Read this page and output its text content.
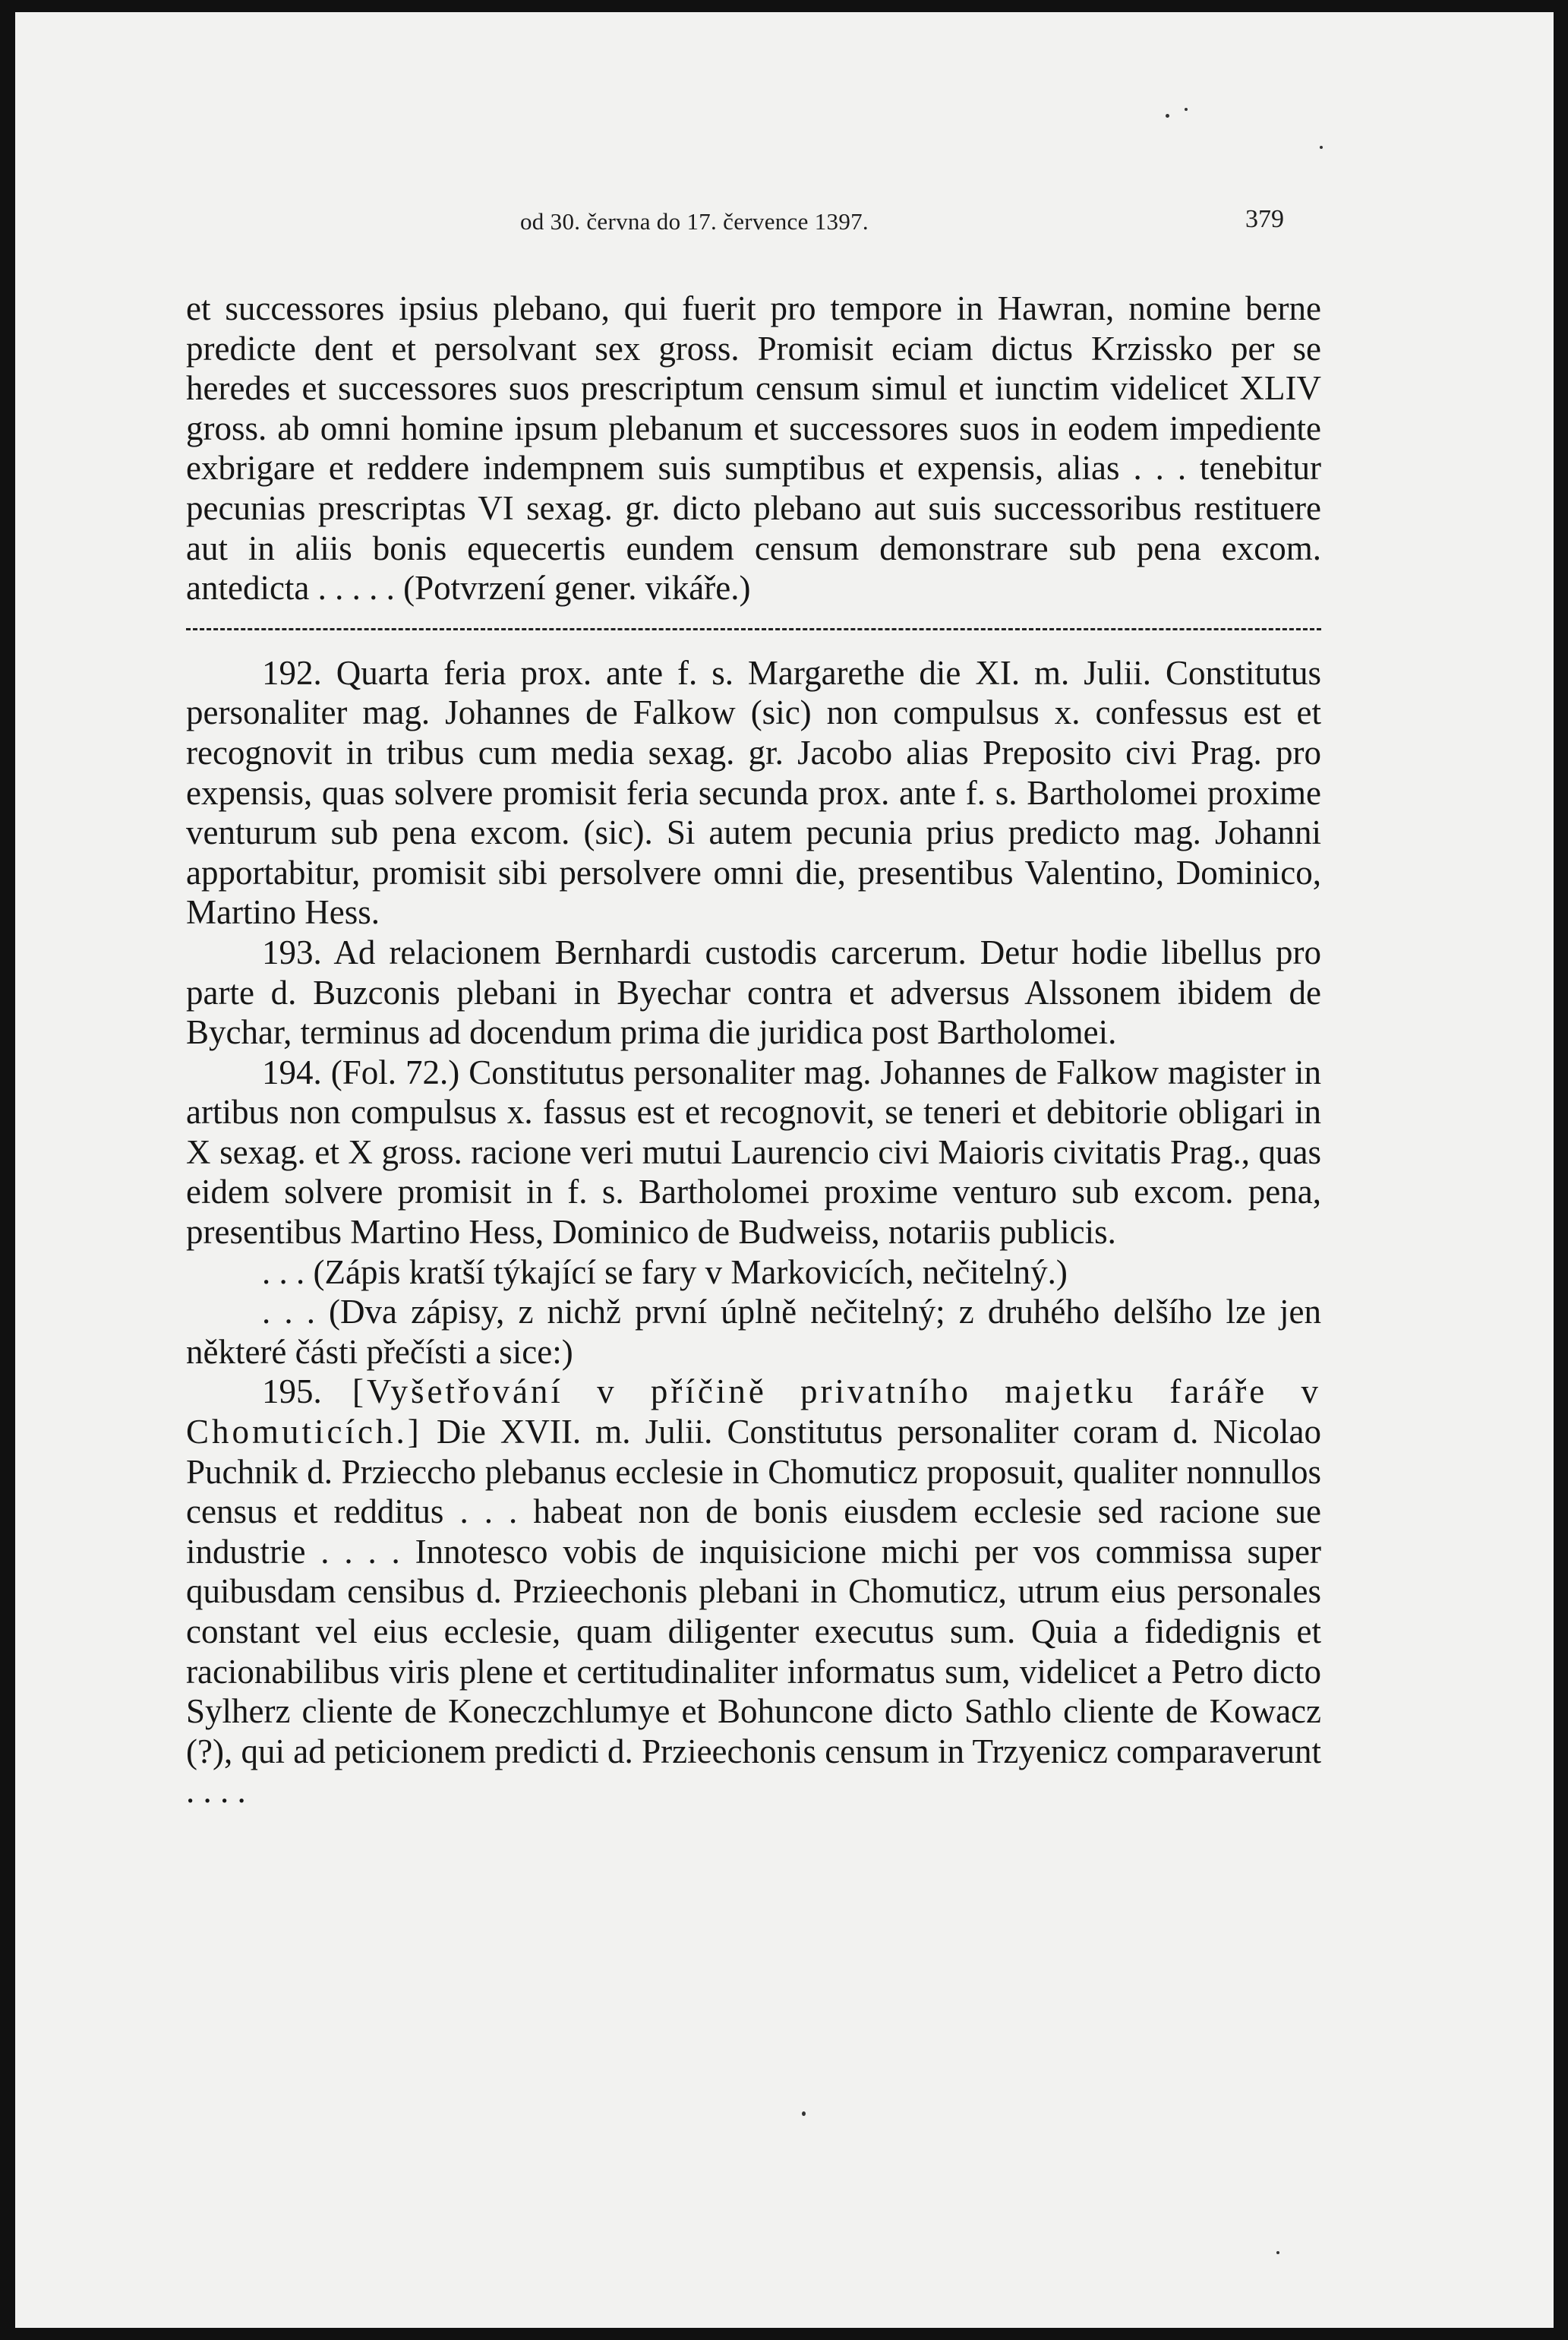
od 30. června do 17. července 1397.	379

et successores ipsius plebano, qui fuerit pro tempore in Hawran, nomine berne predicte dent et persolvant sex gross. Promisit eciam dictus Krzissko per se heredes et successores suos prescriptum censum simul et iunctim videlicet XLIV gross. ab omni homine ipsum plebanum et successores suos in eodem impediente exbrigare et reddere indempnem suis sumptibus et expensis, alias . . . tenebitur pecunias prescriptas VI sexag. gr. dicto plebano aut suis successoribus restituere aut in aliis bonis equecertis eundem censum demonstrare sub pena excom. antedicta . . . . . (Potvrzení gener. vikáře.)

192. Quarta feria prox. ante f. s. Margarethe die XI. m. Julii. Constitutus personaliter mag. Johannes de Falkow (sic) non compulsus x. confessus est et recognovit in tribus cum media sexag. gr. Jacobo alias Preposito civi Prag. pro expensis, quas solvere promisit feria secunda prox. ante f. s. Bartholomei proxime venturum sub pena excom. (sic). Si autem pecunia prius predicto mag. Johanni apportabitur, promisit sibi persolvere omni die, presentibus Valentino, Dominico, Martino Hess.

193. Ad relacionem Bernhardi custodis carcerum. Detur hodie libellus pro parte d. Buzconis plebani in Byechar contra et adversus Alssonem ibidem de Bychar, terminus ad docendum prima die juridica post Bartholomei.

194. (Fol. 72.) Constitutus personaliter mag. Johannes de Falkow magister in artibus non compulsus x. fassus est et recognovit, se teneri et debitorie obligari in X sexag. et X gross. racione veri mutui Laurencio civi Maioris civitatis Prag., quas eidem solvere promisit in f. s. Bartholomei proxime venturo sub excom. pena, presentibus Martino Hess, Dominico de Budweiss, notariis publicis.

. . . (Zápis kratší týkající se fary v Markovicích, nečitelný.)

. . . (Dva zápisy, z nichž první úplně nečitelný; z druhého delšího lze jen některé části přečísti a sice:)

195. [Vyšetřování v příčině privatního majetku faráře v Chomuticích.] Die XVII. m. Julii. Constitutus personaliter coram d. Nicolao Puchnik d. Przieccho plebanus ecclesie in Chomuticz proposuit, qualiter nonnullos census et redditus . . . habeat non de bonis eiusdem ecclesie sed racione sue industrie . . . . Innotesco vobis de inquisicione michi per vos commissa super quibusdam censibus d. Przieechonis plebani in Chomuticz, utrum eius personales constant vel eius ecclesie, quam diligenter executus sum. Quia a fidedignis et racionabilibus viris plene et certitudinaliter informatus sum, videlicet a Petro dicto Sylherz cliente de Koneczchlumye et Bohuncone dicto Sathlo cliente de Kowacz (?), qui ad peticionem predicti d. Przieechonis censum in Trzyenicz comparaverunt . . . .
